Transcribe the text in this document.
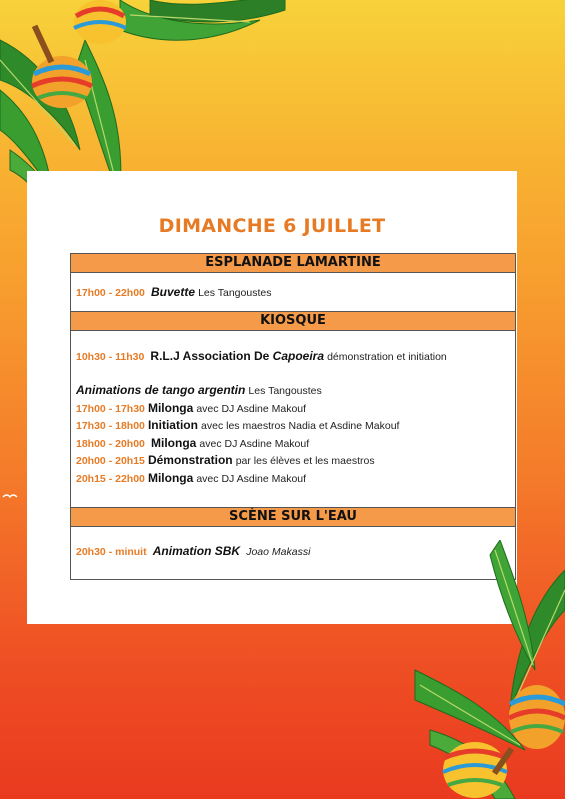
DIMANCHE 6 JUILLET
ESPLANADE LAMARTINE
17h00 - 22h00 Buvette Les Tangoustes
KIOSQUE
10h30 - 11h30 R.L.J Association De Capoeira démonstration et initiation
Animations de tango argentin Les Tangoustes
17h00 - 17h30 Milonga avec DJ Asdine Makouf
17h30 - 18h00 Initiation avec les maestros Nadia et Asdine Makouf
18h00 - 20h00 Milonga avec DJ Asdine Makouf
20h00 - 20h15 Démonstration par les élèves et les maestros
20h15 - 22h00 Milonga avec DJ Asdine Makouf
SCÈNE SUR L'EAU
20h30 - minuit Animation SBK Joao Makassi
